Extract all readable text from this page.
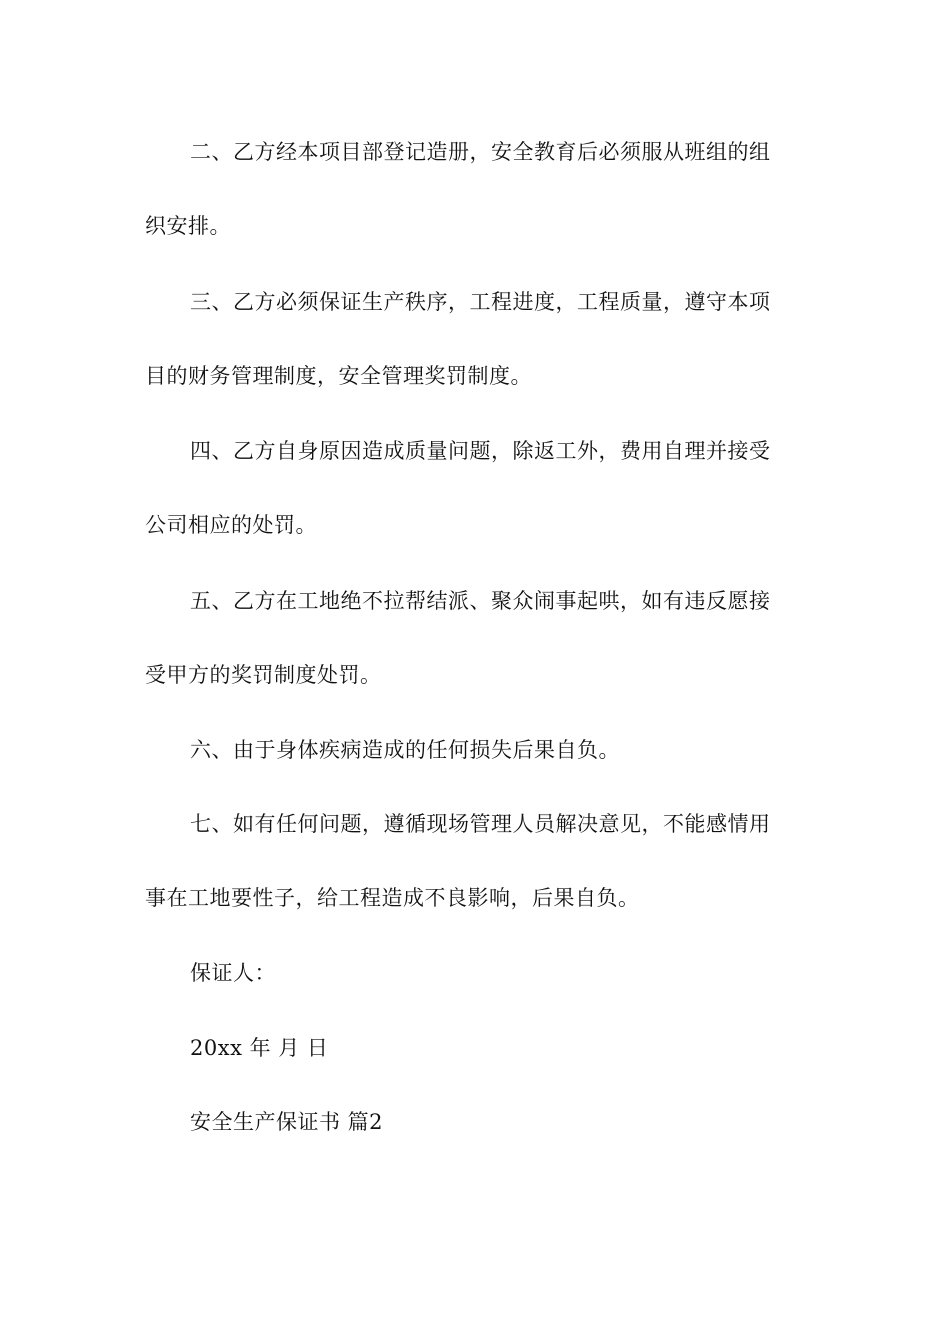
二、乙方经本项目部登记造册，安全教育后必须服从班组的组
织安排。
三、乙方必须保证生产秩序，工程进度，工程质量，遵守本项
目的财务管理制度，安全管理奖罚制度。
四、乙方自身原因造成质量问题，除返工外，费用自理并接受
公司相应的处罚。
五、乙方在工地绝不拉帮结派、聚众闹事起哄，如有违反愿接
受甲方的奖罚制度处罚。
六、由于身体疾病造成的任何损失后果自负。
七、如有任何问题，遵循现场管理人员解决意见，不能感情用
事在工地要性子，给工程造成不良影响，后果自负。
保证人：
20xx 年 月 日
安全生产保证书 篇2
